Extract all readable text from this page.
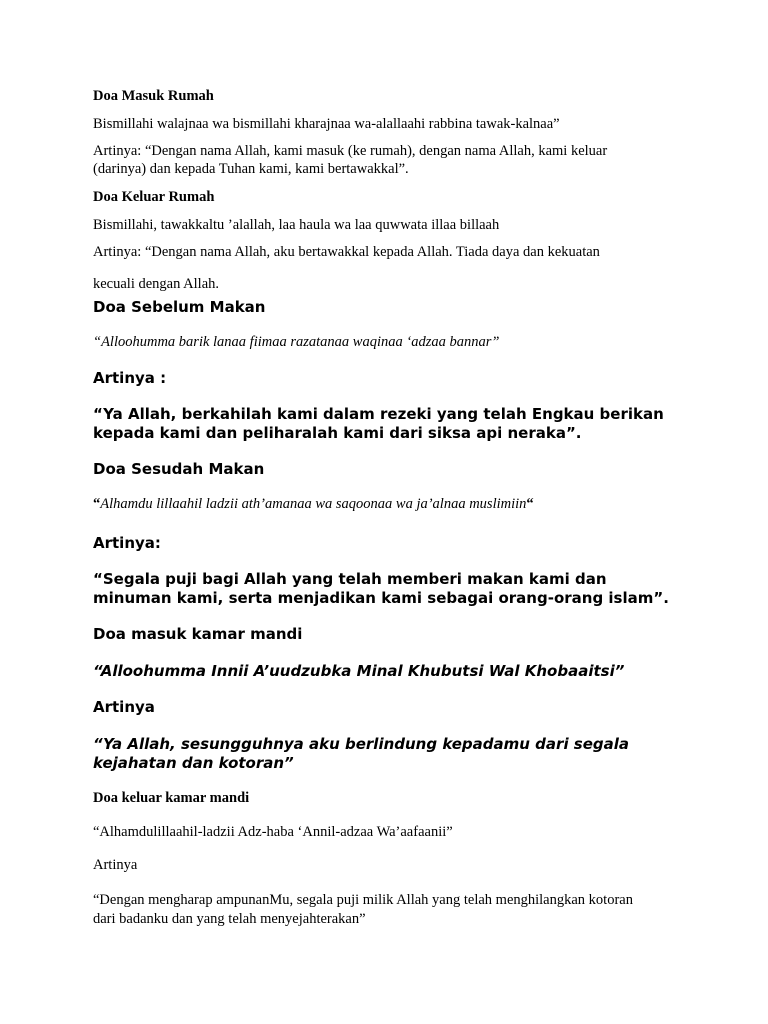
Doa Masuk Rumah

Bismillahi walajnaa wa bismillahi kharajnaa wa-alallaahi rabbina tawak-kalnaa”

Artinya: “Dengan nama Allah, kami masuk (ke rumah), dengan nama Allah, kami keluar

(darinya) dan kepada Tuhan kami, kami bertawakkal”.

Doa Keluar Rumah

Bismillahi, tawakkaltu ’alallah, laa haula wa laa quwwata illaa billaah

Artinya: “Dengan nama Allah, aku bertawakkal kepada Allah. Tiada daya dan kekuatan

kecuali dengan Allah.

Doa Sebelum Makan

“Alloohumma barik lanaa fiimaa razatanaa waqinaa ‘adzaa bannar”

Artinya :

“Ya Allah, berkahilah kami dalam rezeki yang telah Engkau berikan

kepada kami dan peliharalah kami dari siksa api neraka”.

Doa Sesudah Makan

“Alhamdu lillaahil ladzii ath’amanaa wa saqoonaa wa ja’alnaa muslimiin“

Artinya:

“Segala puji bagi Allah yang telah memberi makan kami dan

minuman kami, serta menjadikan kami sebagai orang-orang islam”.

Doa masuk kamar mandi

“Alloohumma Innii A’uudzubka Minal Khubutsi Wal Khobaaitsi”

Artinya

“Ya Allah, sesungguhnya aku berlindung kepadamu dari segala

kejahatan dan kotoran”

Doa keluar kamar mandi

“Alhamdulillaahil-ladzii Adz-haba ‘Annil-adzaa Wa’aafaanii”

Artinya

“Dengan mengharap ampunanMu, segala puji milik Allah yang telah menghilangkan kotoran

dari badanku dan yang telah menyejahterakan”
